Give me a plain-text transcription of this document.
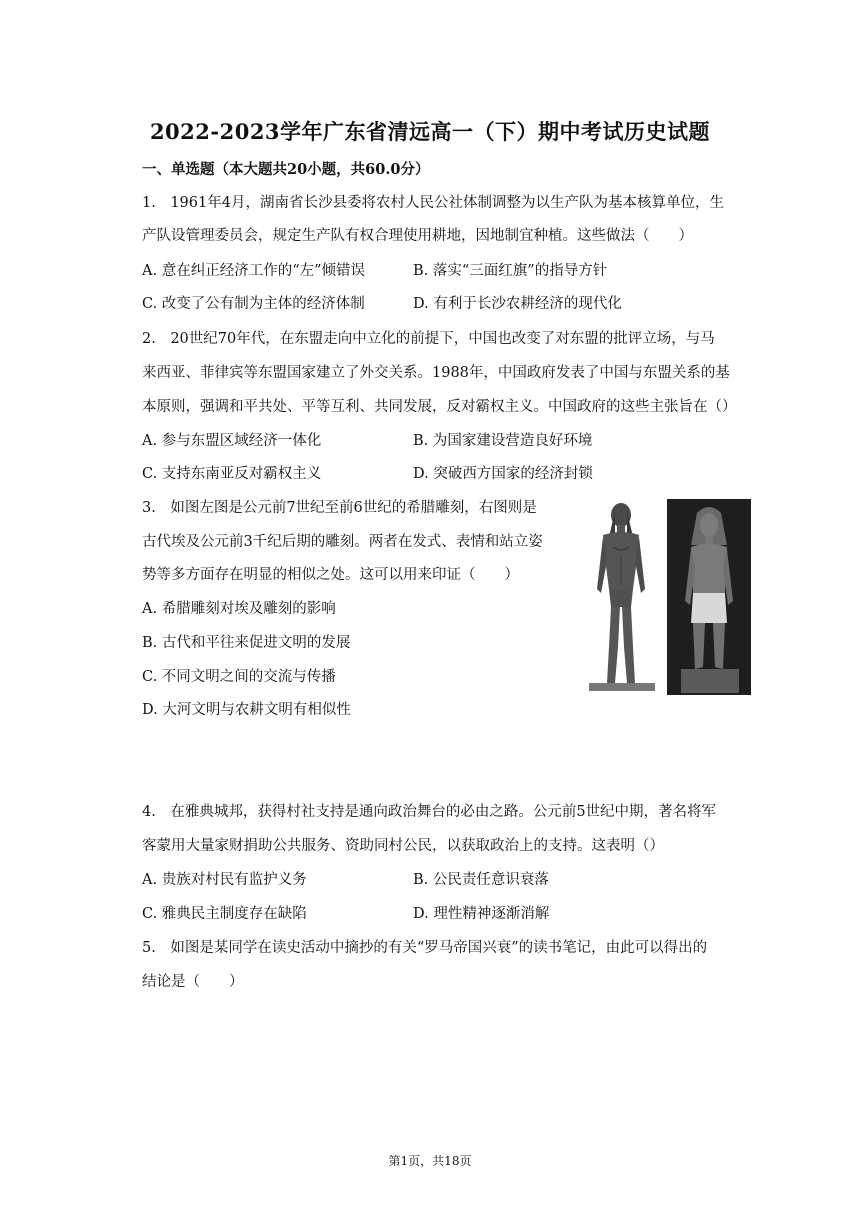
2022-2023学年广东省清远高一（下）期中考试历史试题
一、单选题（本大题共20小题，共60.0分）
1.　1961年4月，湖南省长沙县委将农村人民公社体制调整为以生产队为基本核算单位，生
产队设管理委员会，规定生产队有权合理使用耕地，因地制宜种植。这些做法（　　）
A. 意在纠正经济工作的“左”倾错误	B. 落实“三面红旗”的指导方针
C. 改变了公有制为主体的经济体制	D. 有利于长沙农耕经济的现代化
2.　20世纪70年代，在东盟走向中立化的前提下，中国也改变了对东盟的批评立场，与马
来西亚、菲律宾等东盟国家建立了外交关系。1988年，中国政府发表了中国与东盟关系的基
本原则，强调和平共处、平等互利、共同发展，反对霸权主义。中国政府的这些主张旨在（）
A. 参与东盟区域经济一体化	B. 为国家建设营造良好环境
C. 支持东南亚反对霸权主义	D. 突破西方国家的经济封锁
3.　如图左图是公元前7世纪至前6世纪的希腊雕刻，右图则是
古代埃及公元前3千纪后期的雕刻。两者在发式、表情和站立姿
势等多方面存在明显的相似之处。这可以用来印证（　　）
A. 希腊雕刻对埃及雕刻的影响
B. 古代和平往来促进文明的发展
C. 不同文明之间的交流与传播
D. 大河文明与农耕文明有相似性
4.　在雅典城邦，获得村社支持是通向政治舞台的必由之路。公元前5世纪中期，著名将军
客蒙用大量家财捐助公共服务、资助同村公民，以获取政治上的支持。这表明（）
A. 贵族对村民有监护义务	B. 公民责任意识衰落
C. 雅典民主制度存在缺陷	D. 理性精神逐渐消解
5.　如图是某同学在读史活动中摘抄的有关“罗马帝国兴衰”的读书笔记，由此可以得出的
结论是（　　）
第1页，共18页
